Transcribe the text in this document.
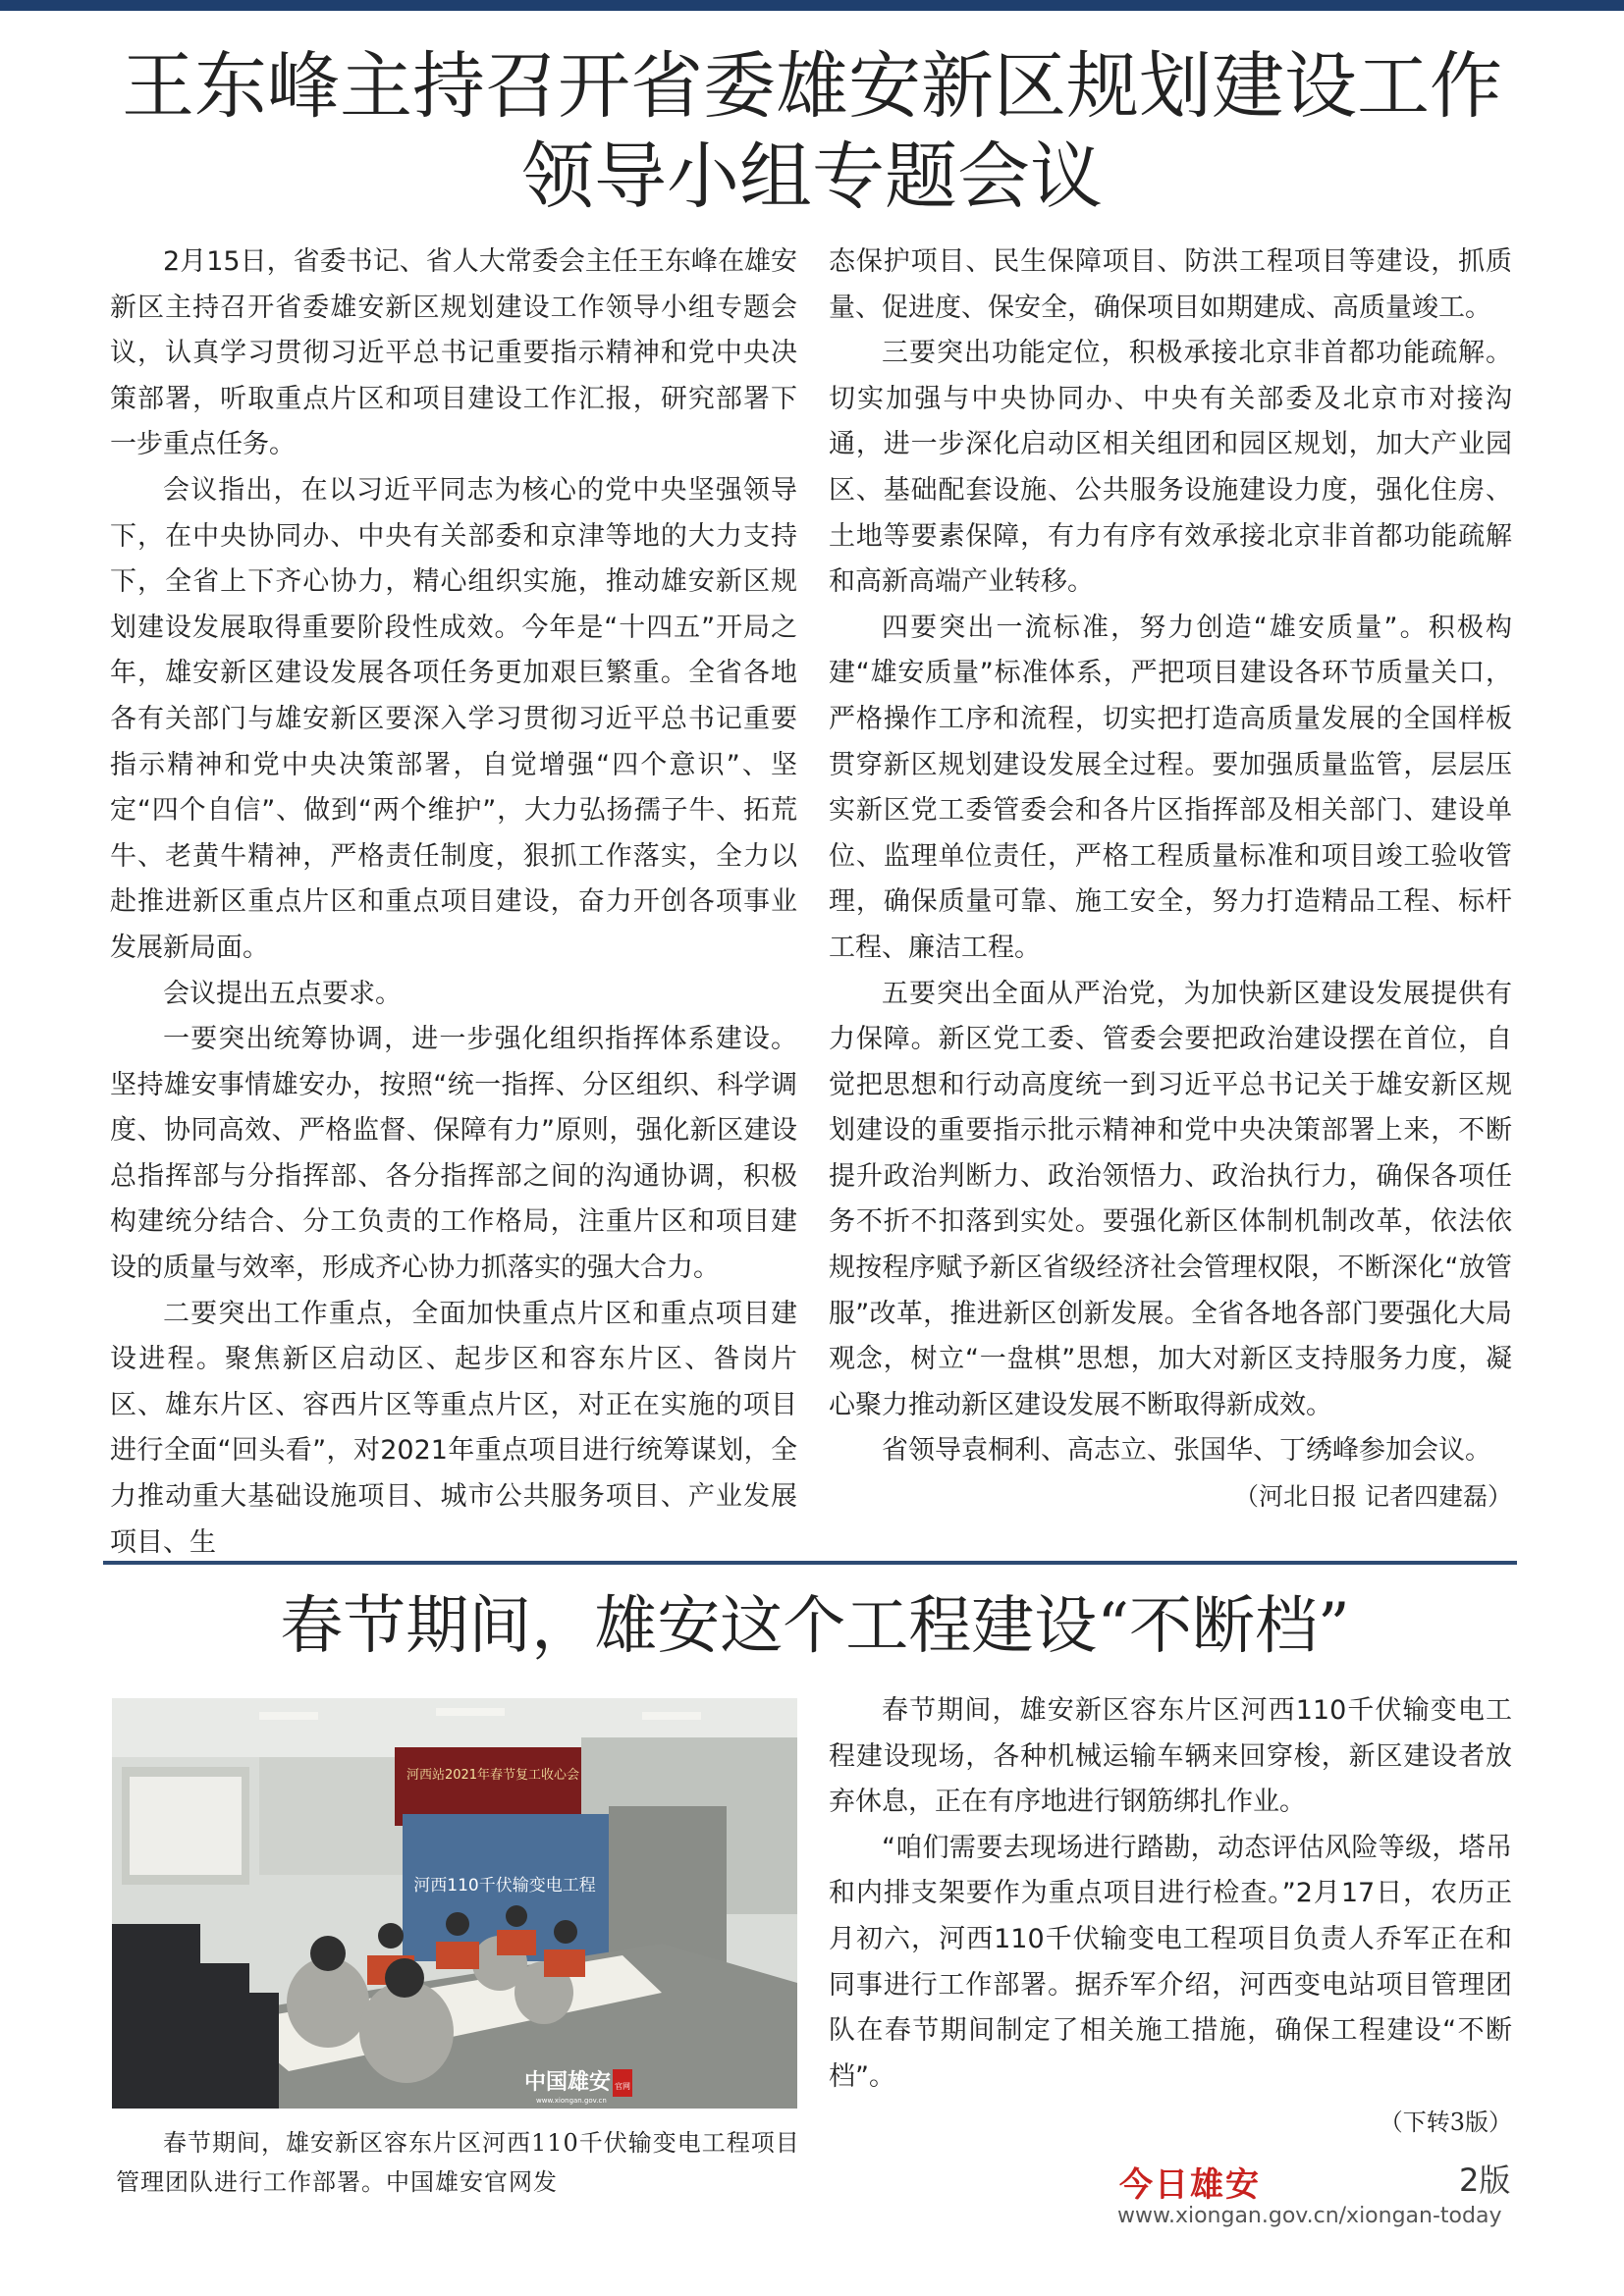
王东峰主持召开省委雄安新区规划建设工作
领导小组专题会议

2月15日，省委书记、省人大常委会主任王东峰在雄安新区主持召开省委雄安新区规划建设工作领导小组专题会议，认真学习贯彻习近平总书记重要指示精神和党中央决策部署，听取重点片区和项目建设工作汇报，研究部署下一步重点任务。

会议指出，在以习近平同志为核心的党中央坚强领导下，在中央协同办、中央有关部委和京津等地的大力支持下，全省上下齐心协力，精心组织实施，推动雄安新区规划建设发展取得重要阶段性成效。今年是“十四五”开局之年，雄安新区建设发展各项任务更加艰巨繁重。全省各地各有关部门与雄安新区要深入学习贯彻习近平总书记重要指示精神和党中央决策部署，自觉增强“四个意识”、坚定“四个自信”、做到“两个维护”，大力弘扬孺子牛、拓荒牛、老黄牛精神，严格责任制度，狠抓工作落实，全力以赴推进新区重点片区和重点项目建设，奋力开创各项事业发展新局面。

会议提出五点要求。

一要突出统筹协调，进一步强化组织指挥体系建设。坚持雄安事情雄安办，按照“统一指挥、分区组织、科学调度、协同高效、严格监督、保障有力”原则，强化新区建设总指挥部与分指挥部、各分指挥部之间的沟通协调，积极构建统分结合、分工负责的工作格局，注重片区和项目建设的质量与效率，形成齐心协力抓落实的强大合力。

二要突出工作重点，全面加快重点片区和重点项目建设进程。聚焦新区启动区、起步区和容东片区、昝岗片区、雄东片区、容西片区等重点片区，对正在实施的项目进行全面“回头看”，对2021年重点项目进行统筹谋划，全力推动重大基础设施项目、城市公共服务项目、产业发展项目、生

态保护项目、民生保障项目、防洪工程项目等建设，抓质量、促进度、保安全，确保项目如期建成、高质量竣工。

三要突出功能定位，积极承接北京非首都功能疏解。切实加强与中央协同办、中央有关部委及北京市对接沟通，进一步深化启动区相关组团和园区规划，加大产业园区、基础配套设施、公共服务设施建设力度，强化住房、土地等要素保障，有力有序有效承接北京非首都功能疏解和高新高端产业转移。

四要突出一流标准，努力创造“雄安质量”。积极构建“雄安质量”标准体系，严把项目建设各环节质量关口，严格操作工序和流程，切实把打造高质量发展的全国样板贯穿新区规划建设发展全过程。要加强质量监管，层层压实新区党工委管委会和各片区指挥部及相关部门、建设单位、监理单位责任，严格工程质量标准和项目竣工验收管理，确保质量可靠、施工安全，努力打造精品工程、标杆工程、廉洁工程。

五要突出全面从严治党，为加快新区建设发展提供有力保障。新区党工委、管委会要把政治建设摆在首位，自觉把思想和行动高度统一到习近平总书记关于雄安新区规划建设的重要指示批示精神和党中央决策部署上来，不断提升政治判断力、政治领悟力、政治执行力，确保各项任务不折不扣落到实处。要强化新区体制机制改革，依法依规按程序赋予新区省级经济社会管理权限，不断深化“放管服”改革，推进新区创新发展。全省各地各部门要强化大局观念，树立“一盘棋”思想，加大对新区支持服务力度，凝心聚力推动新区建设发展不断取得新成效。

省领导袁桐利、高志立、张国华、丁绣峰参加会议。

（河北日报 记者四建磊）
春节期间，雄安这个工程建设“不断档”
河西站2021年春节复工收心会
河西110千伏输变电工程
中国雄安 官网
www.xiongan.gov.cn

春节期间，雄安新区容东片区河西110千伏输变电工程建设现场，各种机械运输车辆来回穿梭，新区建设者放弃休息，正在有序地进行钢筋绑扎作业。

“咱们需要去现场进行踏勘，动态评估风险等级，塔吊和内排支架要作为重点项目进行检查。”2月17日，农历正月初六，河西110千伏输变电工程项目负责人乔军正在和同事进行工作部署。据乔军介绍，河西变电站项目管理团队在春节期间制定了相关施工措施，确保工程建设“不断档”。

（下转3版）
春节期间，雄安新区容东片区河西110千伏输变电工程项目管理团队进行工作部署。中国雄安官网发	今日雄安	2版
www.xiongan.gov.cn/xiongan-today
